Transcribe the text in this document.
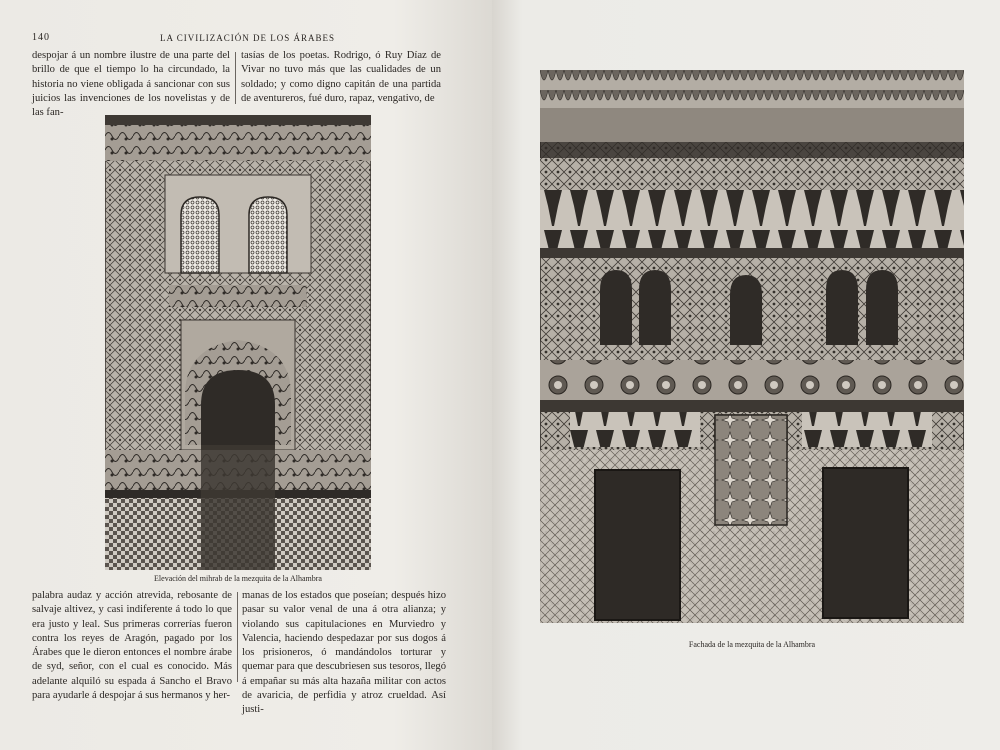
140	LA CIVILIZACIÓN DE LOS ÁRABES

despojar á un nombre ilustre de una parte del brillo de que el tiempo lo ha circundado, la historia no viene obligada á sancionar con sus juicios las invenciones de los novelistas y de las fan-

tasías de los poetas. Rodrigo, ó Ruy Díaz de Vivar no tuvo más que las cualidades de un soldado; y como digno capitán de una partida de aventureros, fué duro, rapaz, vengativo, de

Elevación del mihrab de la mezquita de la Alhambra

palabra audaz y acción atrevida, rebosante de salvaje altivez, y casi indiferente á todo lo que era justo y leal. Sus primeras correrías fueron contra los reyes de Aragón, pagado por los Árabes que le dieron entonces el nombre árabe de syd, señor, con el cual es conocido. Más adelante alquiló su espada á Sancho el Bravo para ayudarle á despojar á sus hermanos y her-

manas de los estados que poseían; después hizo pasar su valor venal de una á otra alianza; y violando sus capitulaciones en Murviedro y Valencia, haciendo despedazar por sus dogos á los prisioneros, ó mandándolos torturar y quemar para que descubriesen sus tesoros, llegó á empañar su más alta hazaña militar con actos de avaricia, de perfidia y atroz crueldad. Así justi-

Fachada de la mezquita de la Alhambra
